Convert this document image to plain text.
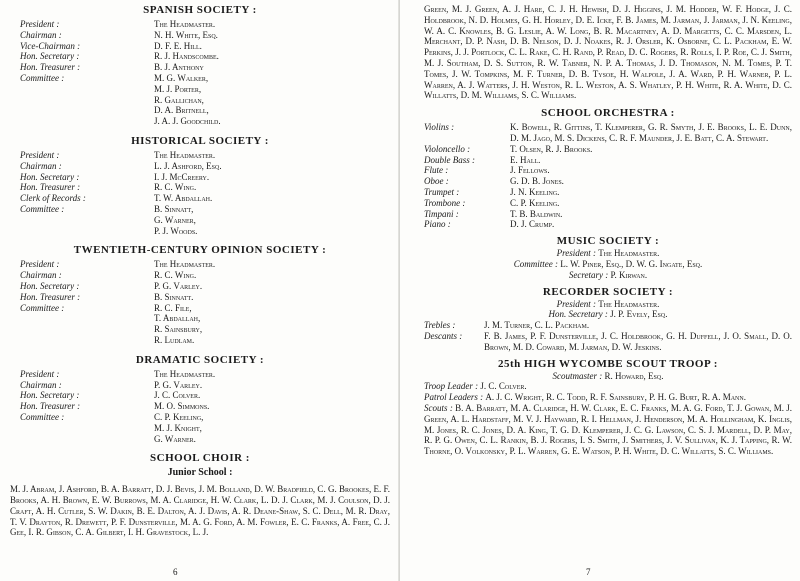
SPANISH SOCIETY :
President :	The Headmaster.
Chairman :	N. H. White, Esq.
Vice-Chairman :	D. F. E. Hill.
Hon. Secretary :	R. J. Handscombe.
Hon. Treasurer :	B. J. Anthony
Committee :	M. G. Walker,
M. J. Porter,
R. Gallichan,
D. A. Britnell,
J. A. J. Goodchild.
HISTORICAL SOCIETY :
President :	The Headmaster.
Chairman :	L. J. Ashford, Esq.
Hon. Secretary :	I. J. McCreery.
Hon. Treasurer :	R. C. Wing.
Clerk of Records :	T. W. Abdallah.
Committee :	B. Sinnatt,
G. Warner,
P. J. Woods.
TWENTIETH-CENTURY OPINION SOCIETY :
President :	The Headmaster.
Chairman :	R. C. Wing.
Hon. Secretary :	P. G. Varley.
Hon. Treasurer :	B. Sinnatt.
Committee :	R. C. File,
T. Abdallah,
R. Sainsbury,
R. Ludlam.
DRAMATIC SOCIETY :
President :	The Headmaster.
Chairman :	P. G. Varley.
Hon. Secretary :	J. C. Colver.
Hon. Treasurer :	M. O. Simmons.
Committee :	C. P. Keeling,
M. J. Knight,
G. Warner.
SCHOOL CHOIR :
Junior School :

M. J. Abram, J. Ashford, B. A. Barratt, D. J. Bevis, J. M. Bolland, D. W. Bradfield, C. G. Brookes, E. F. Brooks, A. H. Brown, E. W. Burrows, M. A. Claridge, H. W. Clark, L. D. J. Clark, M. J. Coulson, D. J. Craft, A. H. Cutler, S. W. Dakin, B. E. Dalton, A. J. Davis, A. R. Deane-Shaw, S. C. Dell, M. R. Dray, T. V. Drayton, R. Drewett, P. F. Dunsterville, M. A. G. Ford, A. M. Fowler, E. C. Franks, A. Free, C. J. Gee, I. R. Gibson, C. A. Gilbert, I. H. Gravestock, L. J.

6

Green, M. J. Green, A. J. Hare, C. J. H. Hewish, D. J. Higgins, J. M. Hodder, W. F. Hodge, J. C. Holdbrook, N. D. Holmes, G. H. Horley, D. E. Icke, F. B. James, M. Jarman, J. Jarman, J. N. Keeling, W. A. C. Knowles, B. G. Leslie, A. W. Long, B. R. Macartney, A. D. Margetts, C. C. Marsden, L. Merchant, D. P. Nash, D. B. Nelson, D. J. Noakes, R. J. Orsler, K. Osborne, C. L. Packham, E. W. Perkins, J. J. Portlock, C. L. Rake, C. H. Rand, P. Read, D. C. Rogers, R. Rolls, I. P. Roe, C. J. Smith, M. J. Southam, D. S. Sutton, R. W. Tabner, N. P. A. Thomas, J. D. Thomason, N. M. Tomes, P. T. Tomes, J. W. Tompkins, M. F. Turner, D. B. Tysoe, H. Walpole, J. A. Ward, P. H. Warner, P. L. Warren, A. J. Watters, J. H. Weston, R. L. Weston, A. S. Whatley, P. H. White, R. A. White, D. C. Willatts, D. M. Williams, S. C. Williams.

SCHOOL ORCHESTRA :
Violins :	K. Bowell, R. Gittins, T. Klemperer, G. R. Smyth, J. E. Brooks, L. E. Dunn, D. M. Jago, M. S. Dickens, C. R. F. Maunder, J. E. Batt, C. A. Stewart.
Violoncello :	T. Olsen, R. J. Brooks.
Double Bass :	E. Hall.
Flute :	J. Fellows.
Oboe :	G. D. B. Jones.
Trumpet :	J. N. Keeling.
Trombone :	C. P. Keeling.
Timpani :	T. B. Baldwin.
Piano :	D. J. Crump.
MUSIC SOCIETY :
President : The Headmaster.
Committee : L. W. Piner, Esq., D. W. G. Ingate, Esq.
Secretary : P. Kirwan.
RECORDER SOCIETY :
President : The Headmaster.
Hon. Secretary : J. P. Evely, Esq.
Trebles :	J. M. Turner, C. L. Packham.
Descants :	F. B. James, P. F. Dunsterville, J. C. Holdbrook, G. H. Duffell, J. O. Small, D. O. Brown, M. D. Coward, M. Jarman, D. W. Jeskins.
25th HIGH WYCOMBE SCOUT TROOP :
Scoutmaster : R. Howard, Esq.
Troop Leader : J. C. Colver.
Patrol Leaders : A. J. C. Wright, R. C. Todd, R. F. Sainsbury, P. H. G. Burt, R. A. Mann.
Scouts : B. A. Barratt, M. A. Claridge, H. W. Clark, E. C. Franks, M. A. G. Ford, T. J. Gowan, M. J. Green, A. L. Hardstaff, M. V. J. Hayward, R. I. Hellman, J. Henderson, M. A. Hollingham, K. Inglis, M. Jones, R. C. Jones, D. A. King, T. G. D. Klemperer, J. C. G. Lawson, C. S. J. Mardell, D. P. May, R. P. G. Owen, C. L. Rankin, B. J. Rogers, I. S. Smith, J. Smithers, J. V. Sullivan, K. J. Tapping, R. W. Thorne, O. Volkonsky, P. L. Warren, G. E. Watson, P. H. White, D. C. Willatts, S. C. Williams.
7
